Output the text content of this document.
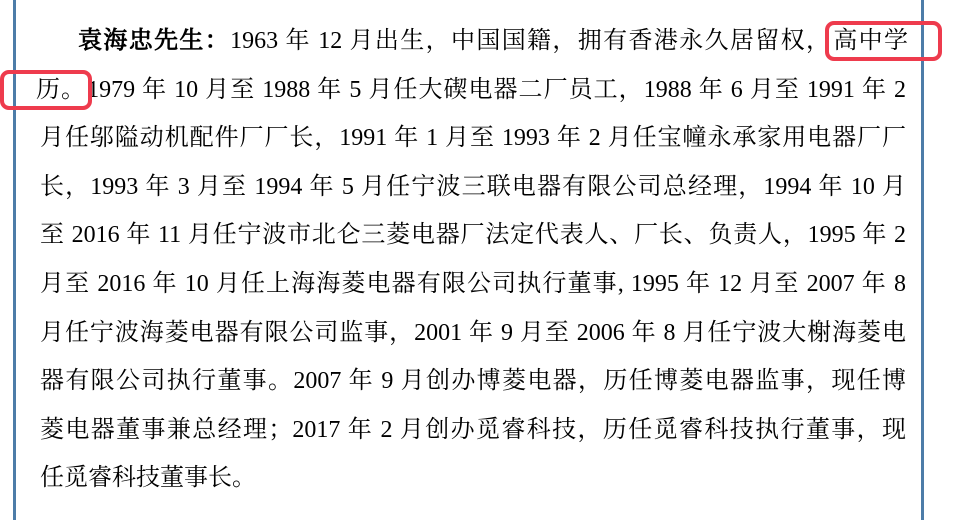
袁海忠先生：1963 年 12 月出生，中国国籍，拥有香港永久居留权，高中学
历。1979 年 10 月至 1988 年 5 月任大碶电器二厂员工，1988 年 6 月至 1991 年 2
月任邬隘动机配件厂厂长，1991 年 1 月至 1993 年 2 月任宝幢永承家用电器厂厂
长，1993 年 3 月至 1994 年 5 月任宁波三联电器有限公司总经理，1994 年 10 月
至 2016 年 11 月任宁波市北仑三菱电器厂法定代表人、厂长、负责人，1995 年 2
月至 2016 年 10 月任上海海菱电器有限公司执行董事, 1995 年 12 月至 2007 年 8
月任宁波海菱电器有限公司监事，2001 年 9 月至 2006 年 8 月任宁波大榭海菱电
器有限公司执行董事。2007 年 9 月创办博菱电器，历任博菱电器监事，现任博
菱电器董事兼总经理；2017 年 2 月创办觅睿科技，历任觅睿科技执行董事，现
任觅睿科技董事长。
